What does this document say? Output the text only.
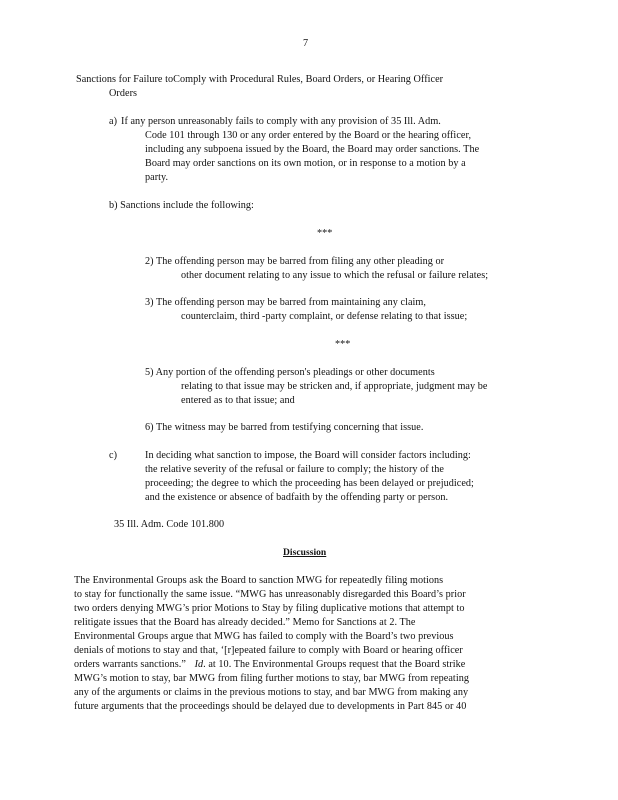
7
Sanctions for Failure toComply with Procedural Rules, Board Orders, or Hearing Officer
Orders
a) If any person unreasonably fails to comply with any provision of 35 Ill. Adm.
Code 101 through 130 or any order entered by the Board or the hearing officer,
including any subpoena issued by the Board, the Board may order sanctions. The
Board may order sanctions on its own motion, or in response to a motion by a
party.
b) Sanctions include the following:
***
2) The offending person may be barred from filing any other pleading or
other document relating to any issue to which the refusal or failure relates;
3) The offending person may be barred from maintaining any claim,
counterclaim, third -party complaint, or defense relating to that issue;
***
5) Any portion of the offending person's pleadings or other documents
relating to that issue may be stricken and, if appropriate, judgment may be
entered as to that issue; and
6) The witness may be barred from testifying concerning that issue.
c)	In deciding what sanction to impose, the Board will consider factors including:
the relative severity of the refusal or failure to comply; the history of the
proceeding; the degree to which the proceeding has been delayed or prejudiced;
and the existence or absence of badfaith by the offending party or person.
35 Ill. Adm. Code 101.800
Discussion
The Environmental Groups ask the Board to sanction MWG for repeatedly filing motions
to stay for functionally the same issue. “MWG has unreasonably disregarded this Board’s prior
two orders denying MWG’s prior Motions to Stay by filing duplicative motions that attempt to
relitigate issues that the Board has already decided.” Memo for Sanctions at 2. The
Environmental Groups argue that MWG has failed to comply with the Board’s two previous
denials of motions to stay and that, ‘[r]epeated failure to comply with Board or hearing officer
orders warrants sanctions.” Id. at 10. The Environmental Groups request that the Board strike
MWG’s motion to stay, bar MWG from filing further motions to stay, bar MWG from repeating
any of the arguments or claims in the previous motions to stay, and bar MWG from making any
future arguments that the proceedings should be delayed due to developments in Part 845 or 40
